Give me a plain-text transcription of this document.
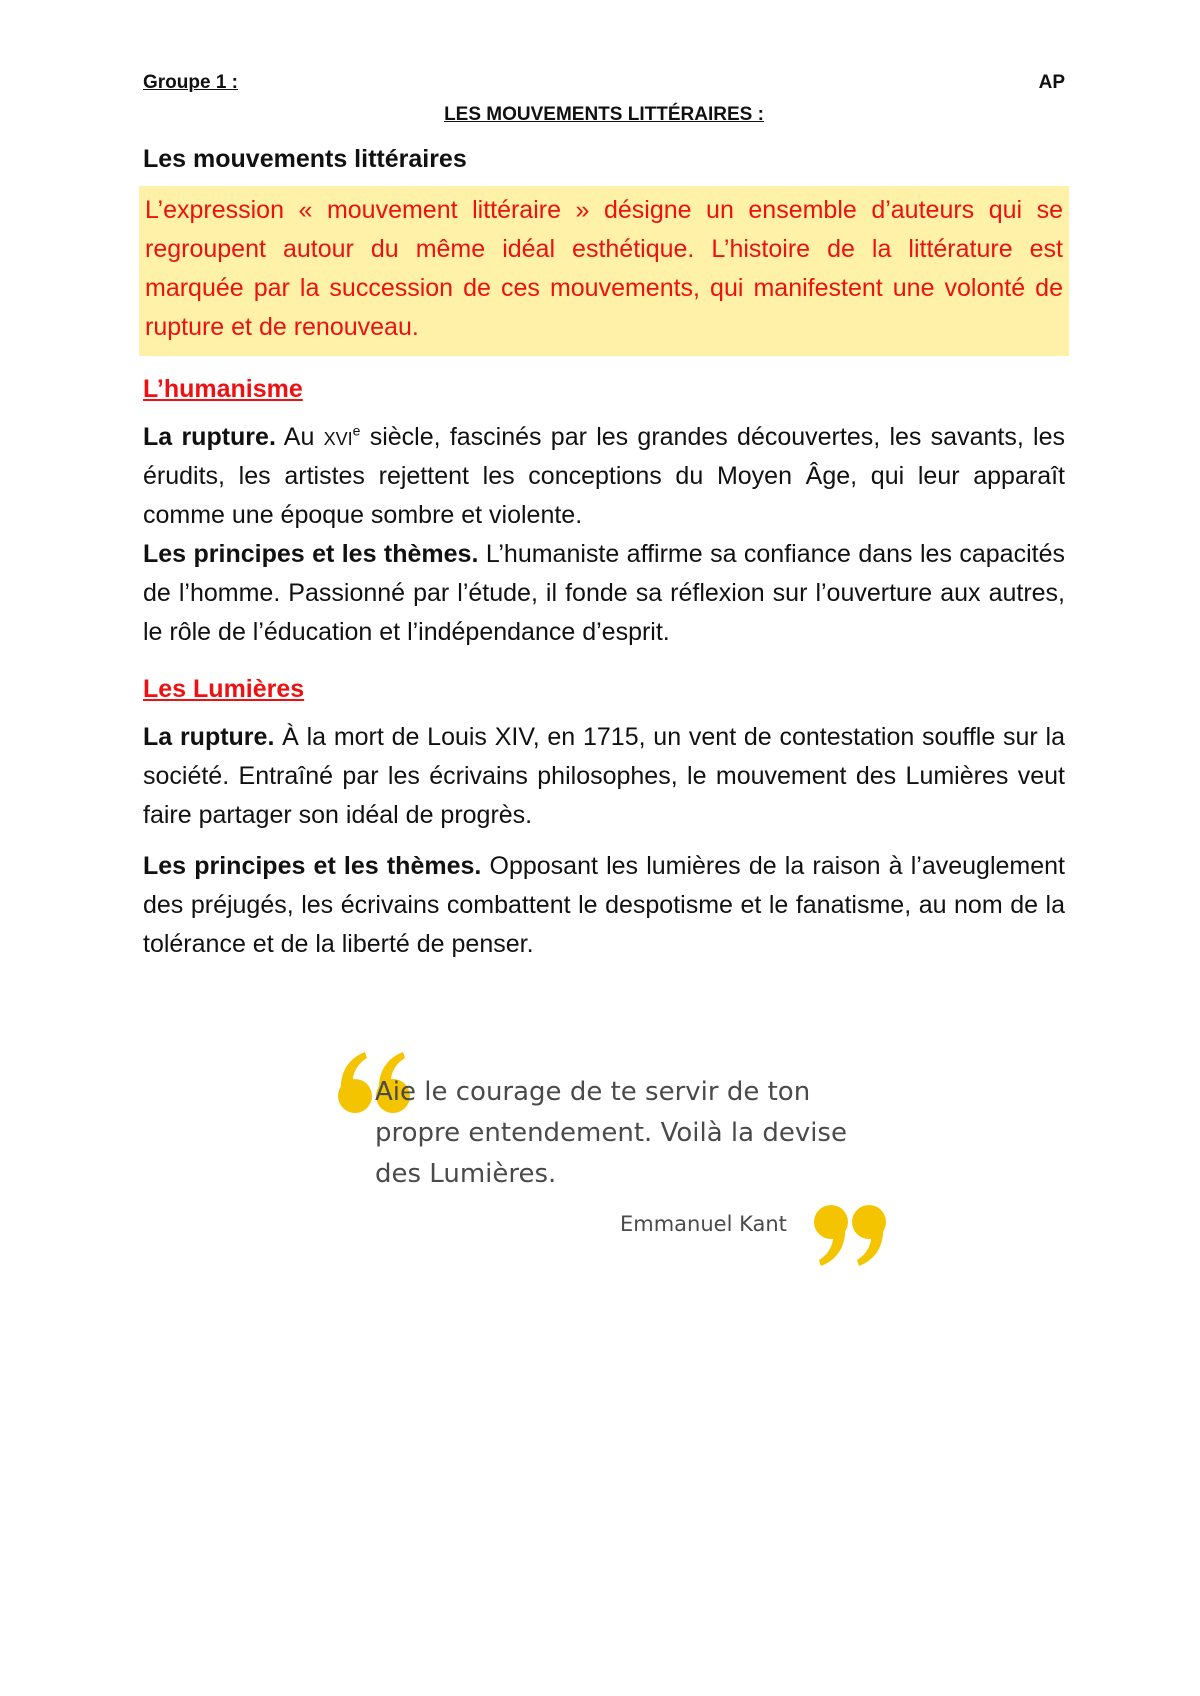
Groupe 1 :	AP
LES MOUVEMENTS LITTÉRAIRES :
Les mouvements littéraires
L’expression « mouvement littéraire » désigne un ensemble d’auteurs qui se regroupent autour du même idéal esthétique. L’histoire de la littérature est marquée par la succession de ces mouvements, qui manifestent une volonté de rupture et de renouveau.
L’humanisme
La rupture. Au xvi$^e$ siècle, fascinés par les grandes découvertes, les savants, les érudits, les artistes rejettent les conceptions du Moyen Âge, qui leur apparaît comme une époque sombre et violente.
Les principes et les thèmes. L’humaniste affirme sa confiance dans les capacités de l’homme. Passionné par l’étude, il fonde sa réflexion sur l’ouverture aux autres, le rôle de l’éducation et l’indépendance d’esprit.
Les Lumières
La rupture. À la mort de Louis XIV, en 1715, un vent de contestation souffle sur la société. Entraîné par les écrivains philosophes, le mouvement des Lumières veut faire partager son idéal de progrès.
Les principes et les thèmes. Opposant les lumières de la raison à l’aveuglement des préjugés, les écrivains combattent le despotisme et le fanatisme, au nom de la tolérance et de la liberté de penser.
Aie le courage de te servir de ton propre entendement. Voilà la devise des Lumières.
Emmanuel Kant
